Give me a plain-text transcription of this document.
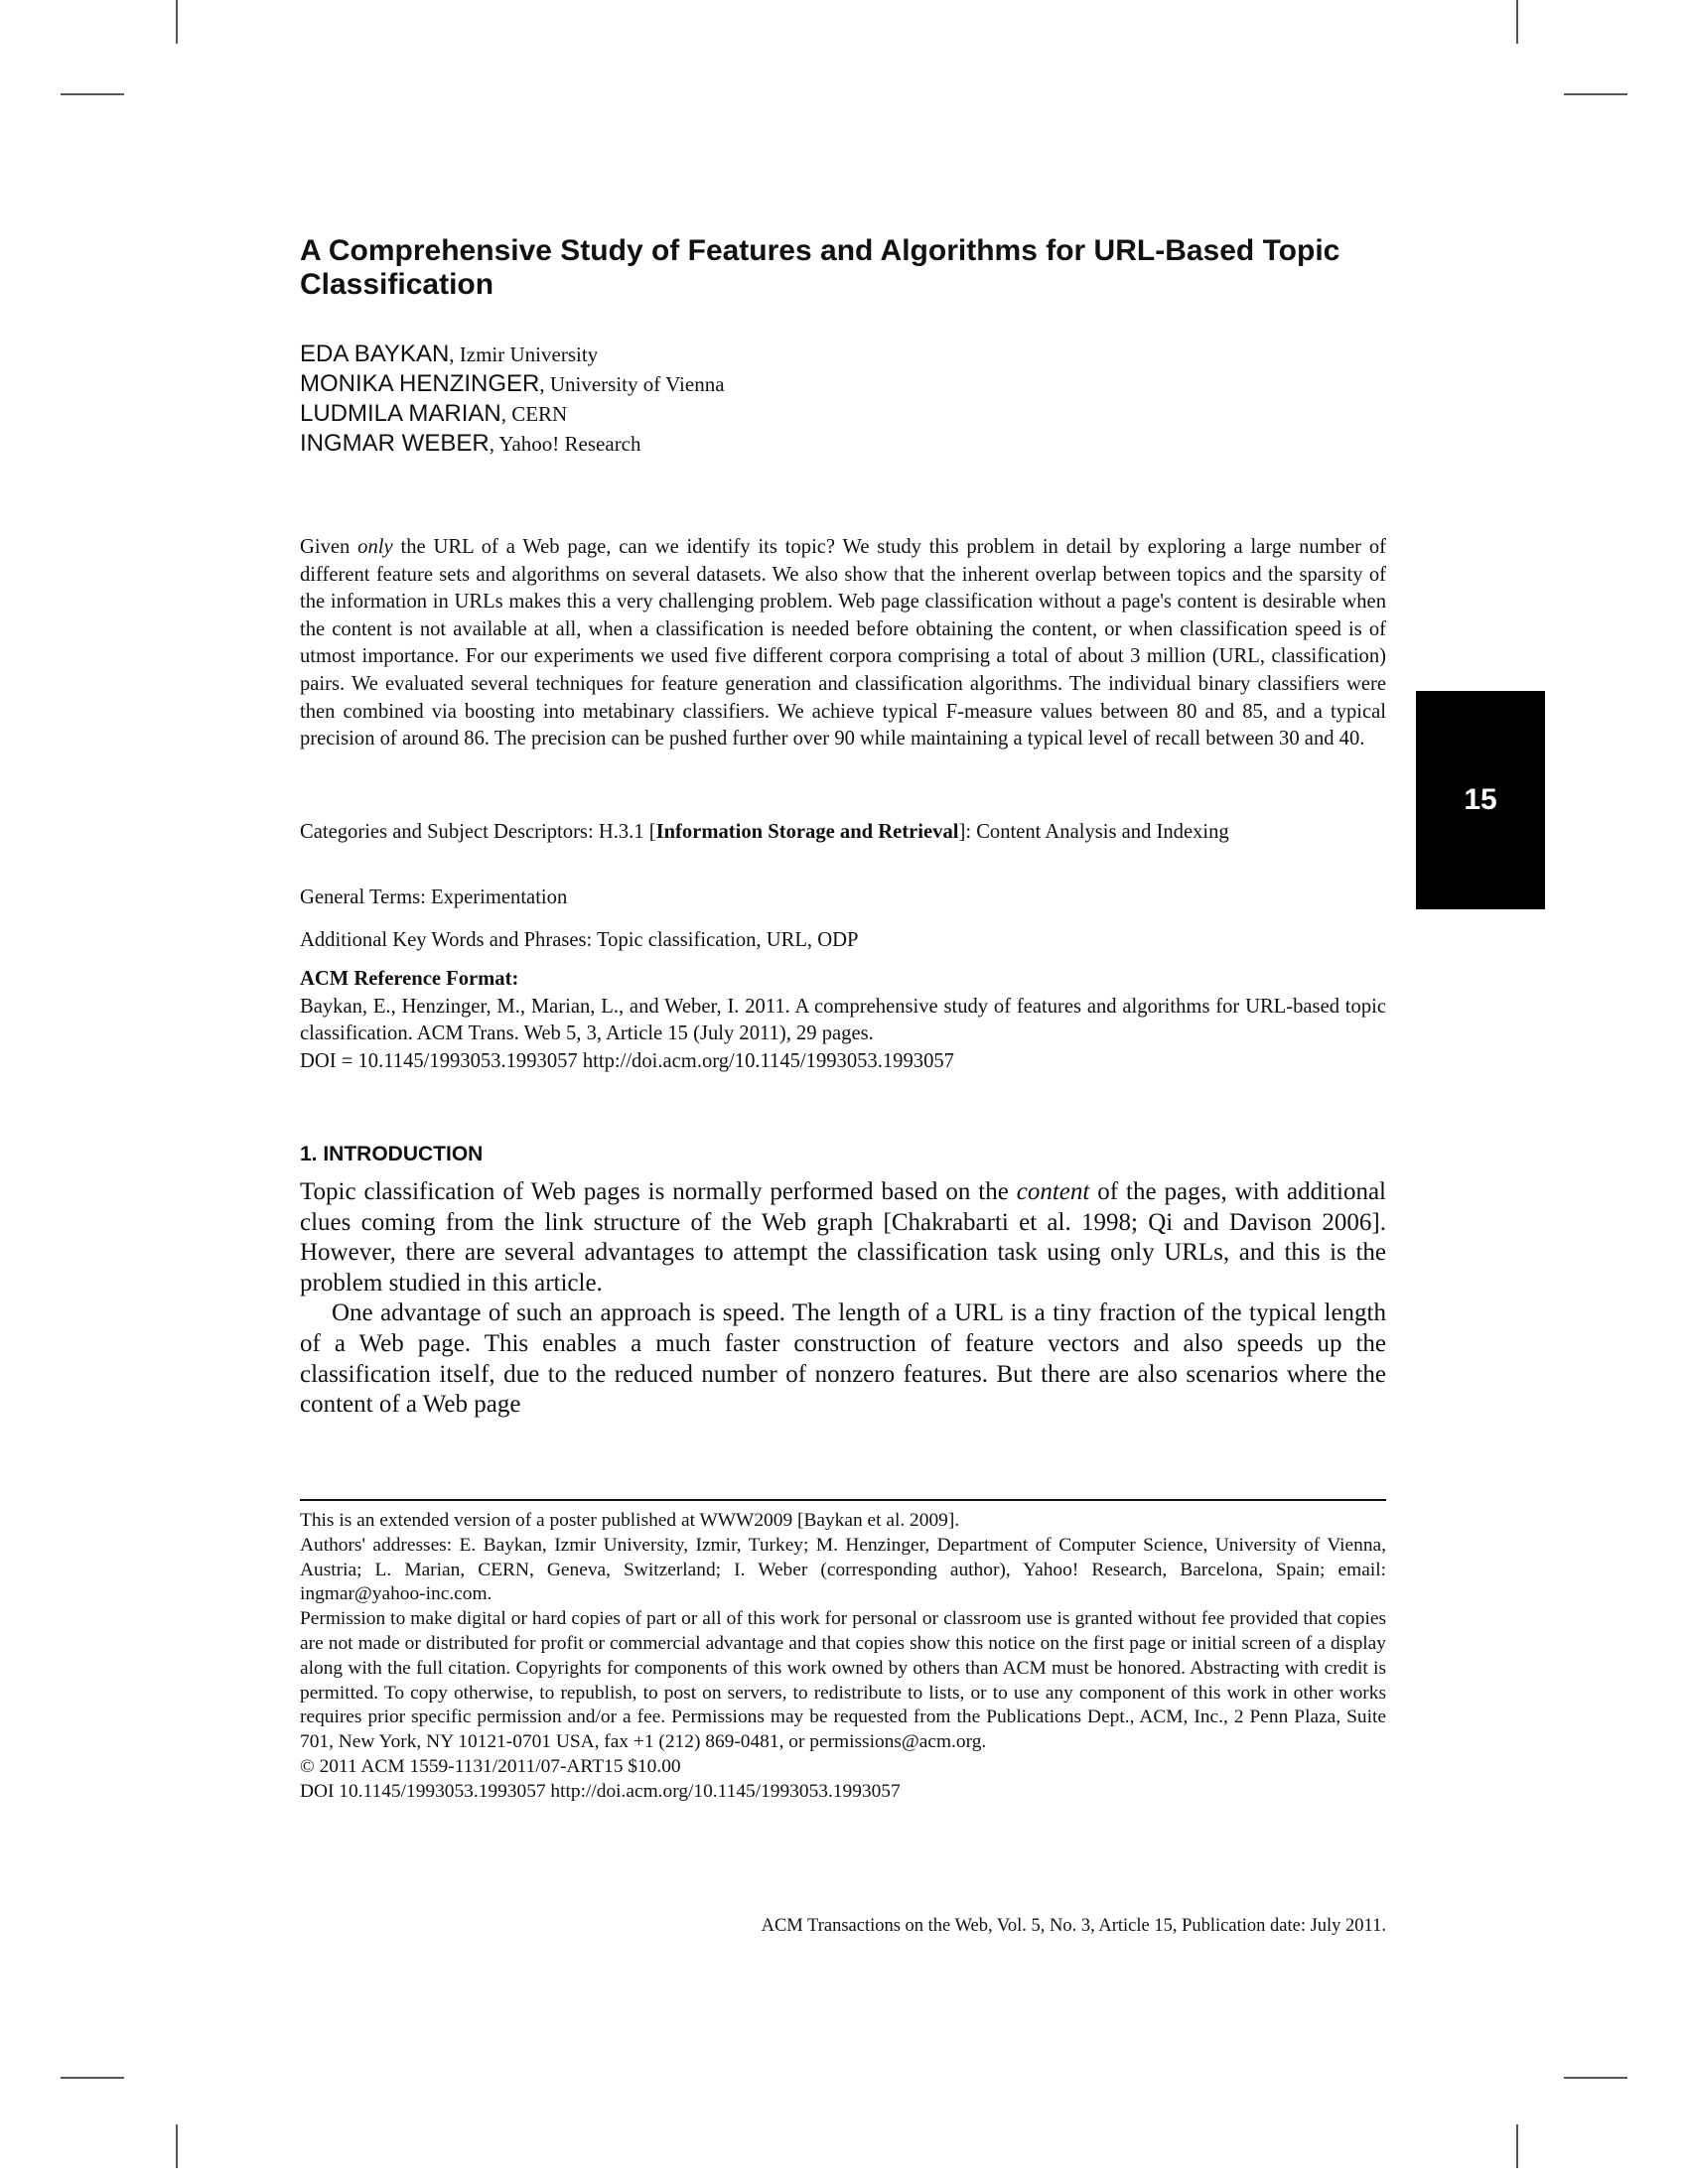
15
A Comprehensive Study of Features and Algorithms for URL-Based Topic Classification
EDA BAYKAN, Izmir University
MONIKA HENZINGER, University of Vienna
LUDMILA MARIAN, CERN
INGMAR WEBER, Yahoo! Research

Given only the URL of a Web page, can we identify its topic? We study this problem in detail by exploring a large number of different feature sets and algorithms on several datasets. We also show that the inherent overlap between topics and the sparsity of the information in URLs makes this a very challenging problem. Web page classification without a page's content is desirable when the content is not available at all, when a classification is needed before obtaining the content, or when classification speed is of utmost importance. For our experiments we used five different corpora comprising a total of about 3 million (URL, classification) pairs. We evaluated several techniques for feature generation and classification algorithms. The individual binary classifiers were then combined via boosting into metabinary classifiers. We achieve typical F-measure values between 80 and 85, and a typical precision of around 86. The precision can be pushed further over 90 while maintaining a typical level of recall between 30 and 40.

Categories and Subject Descriptors: H.3.1 [Information Storage and Retrieval]: Content Analysis and Indexing

General Terms: Experimentation

Additional Key Words and Phrases: Topic classification, URL, ODP

ACM Reference Format:
Baykan, E., Henzinger, M., Marian, L., and Weber, I. 2011. A comprehensive study of features and algorithms for URL-based topic classification. ACM Trans. Web 5, 3, Article 15 (July 2011), 29 pages.
DOI = 10.1145/1993053.1993057 http://doi.acm.org/10.1145/1993053.1993057
1. INTRODUCTION

Topic classification of Web pages is normally performed based on the content of the pages, with additional clues coming from the link structure of the Web graph [Chakrabarti et al. 1998; Qi and Davison 2006]. However, there are several advantages to attempt the classification task using only URLs, and this is the problem studied in this article.

One advantage of such an approach is speed. The length of a URL is a tiny fraction of the typical length of a Web page. This enables a much faster construction of feature vectors and also speeds up the classification itself, due to the reduced number of nonzero features. But there are also scenarios where the content of a Web page

This is an extended version of a poster published at WWW2009 [Baykan et al. 2009].

Authors' addresses: E. Baykan, Izmir University, Izmir, Turkey; M. Henzinger, Department of Computer Science, University of Vienna, Austria; L. Marian, CERN, Geneva, Switzerland; I. Weber (corresponding author), Yahoo! Research, Barcelona, Spain; email: ingmar@yahoo-inc.com.

Permission to make digital or hard copies of part or all of this work for personal or classroom use is granted without fee provided that copies are not made or distributed for profit or commercial advantage and that copies show this notice on the first page or initial screen of a display along with the full citation. Copyrights for components of this work owned by others than ACM must be honored. Abstracting with credit is permitted. To copy otherwise, to republish, to post on servers, to redistribute to lists, or to use any component of this work in other works requires prior specific permission and/or a fee. Permissions may be requested from the Publications Dept., ACM, Inc., 2 Penn Plaza, Suite 701, New York, NY 10121-0701 USA, fax +1 (212) 869-0481, or permissions@acm.org.

© 2011 ACM 1559-1131/2011/07-ART15 $10.00

DOI 10.1145/1993053.1993057 http://doi.acm.org/10.1145/1993053.1993057

ACM Transactions on the Web, Vol. 5, No. 3, Article 15, Publication date: July 2011.
